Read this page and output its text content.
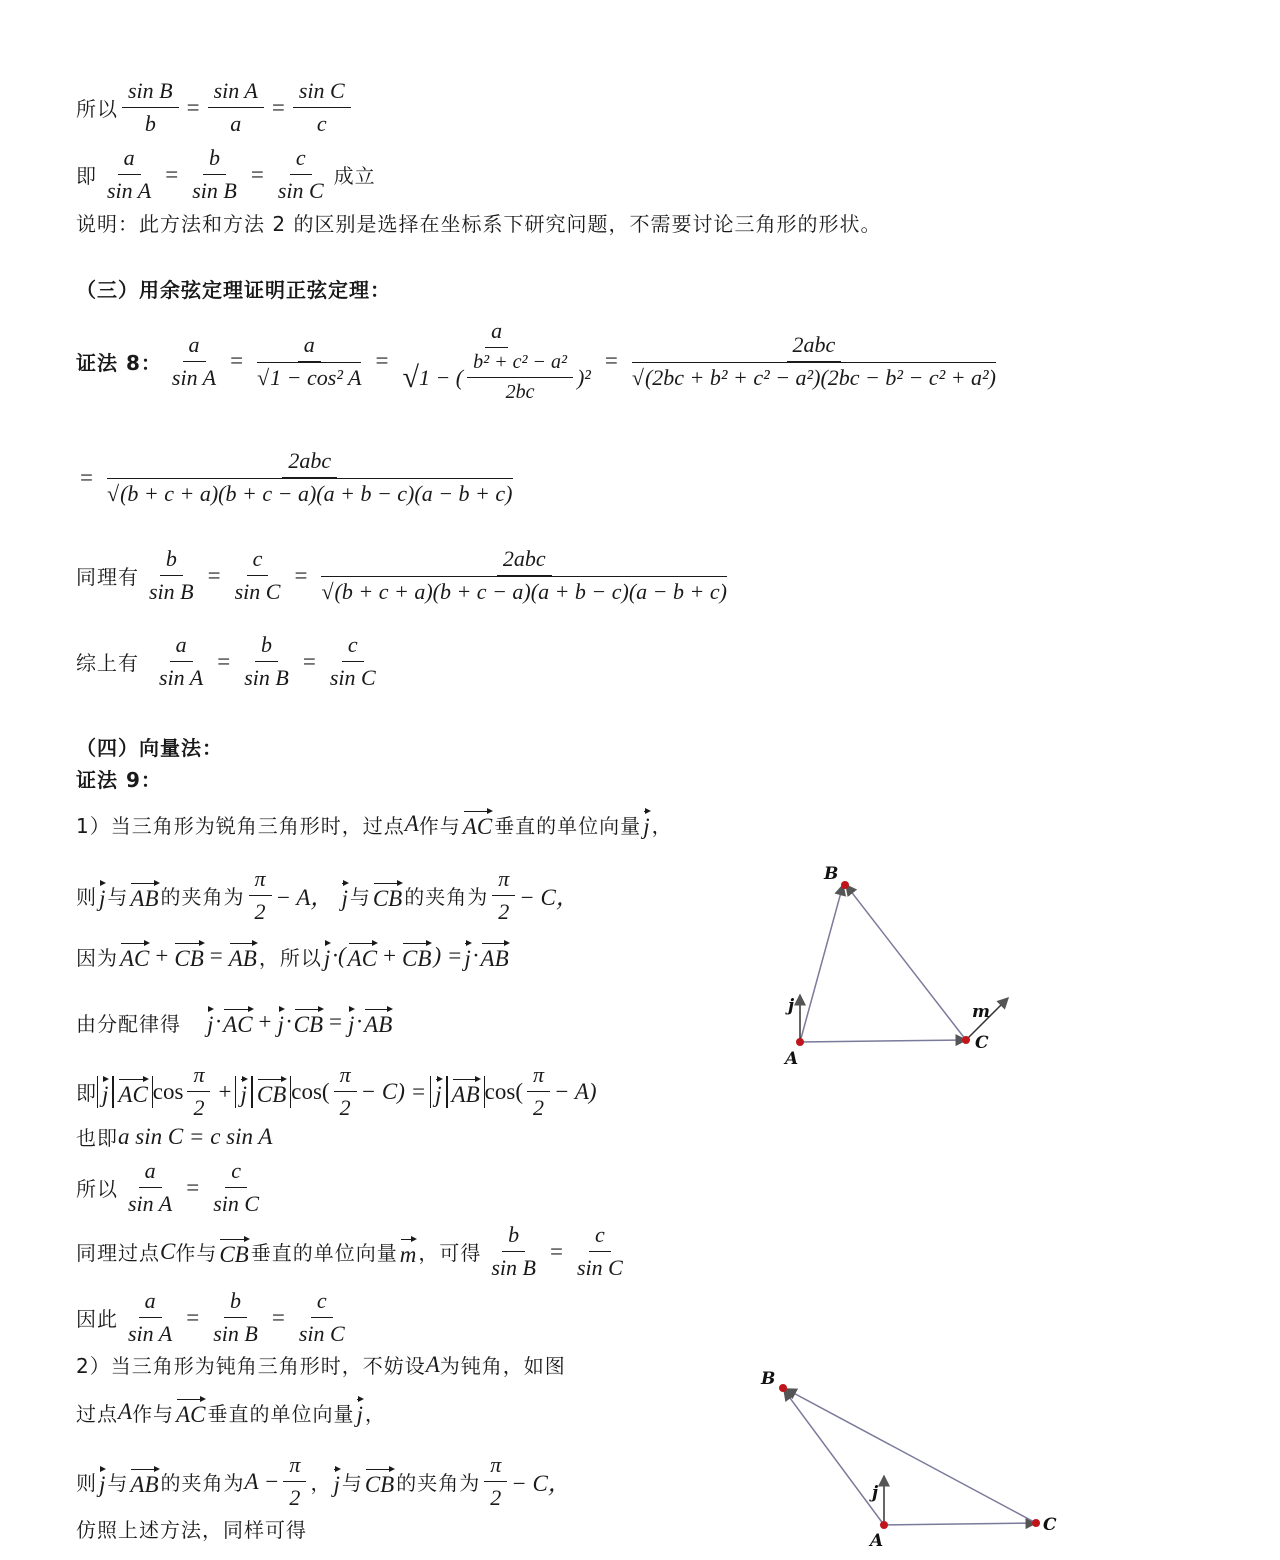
所以 $\frac{\text{sin B}}{b} = \frac{\text{sin A}}{a} = \frac{\text{sin C}}{c}$
即 $\frac{a}{\text{sin A}} = \frac{b}{\text{sin B}} = \frac{c}{\text{sin C}}$ 成立
说明：此方法和方法 2 的区别是选择在坐标系下研究问题，不需要讨论三角形的形状。
（三）用余弦定理证明正弦定理：
证法 8： $\frac{a}{\text{sin A}} = a$
√ 1 − cos² $A = \frac{a}{√ 1 - ( \frac{\text{b² + c² − a²}}{2bc} )^2} = 2abc$
√ (2bc + b² + c² − a²)(2bc − b² − c² + a²)
= 2abc
√ (b + c + a)(b + c − a)(a + b − c)(a − b + c)
同理有 $\frac{b}{\text{sin B}} = \frac{c}{\text{sin C}} = 2abc$
√ (b + c + a)(b + c − a)(a + b − c)(a − b + c)
综上有 $\frac{a}{\text{sin A}} = \frac{b}{\text{sin B}} = \frac{c}{\text{sin C}}$
（四）向量法：
证法 9：
1）当三角形为锐角三角形时，过点 A 作与 AC 垂直的单位向量 j ，
则 j 与 AB 的夹角为 $\frac{\pi}{2} - A$， j 与 CB 的夹角为 $\frac{\pi}{2} - C$，
因为 AC + CB = AB ，所以 j ·( AC + CB ) = j · AB
由分配律得 j · AC + j · CB = j · AB
即 j AC $\cos \frac{\pi}{2} + j$ CB $\cos( \frac{\pi}{2} - C) = j$ AB $\cos( \frac{\pi}{2} - A)$
也即 a sin C = c sin A
所以 $\frac{a}{\text{sin A}} = \frac{c}{\text{sin C}}$
同理过点 C 作与 CB 垂直的单位向量 m ，可得 $\frac{b}{\text{sin B}} = \frac{c}{\text{sin C}}$
因此 $\frac{a}{\text{sin A}} = \frac{b}{\text{sin B}} = \frac{c}{\text{sin C}}$
2）当三角形为钝角三角形时，不妨设 A 为钝角，如图
过点 A 作与 AC 垂直的单位向量 j ，
则 j 与 AB 的夹角为 $A - \frac{\pi}{2}$ ， j 与 CB 的夹角为 $\frac{\pi}{2} - C$，
仿照上述方法，同样可得
B
A
C
j	m
B
A
C
j
